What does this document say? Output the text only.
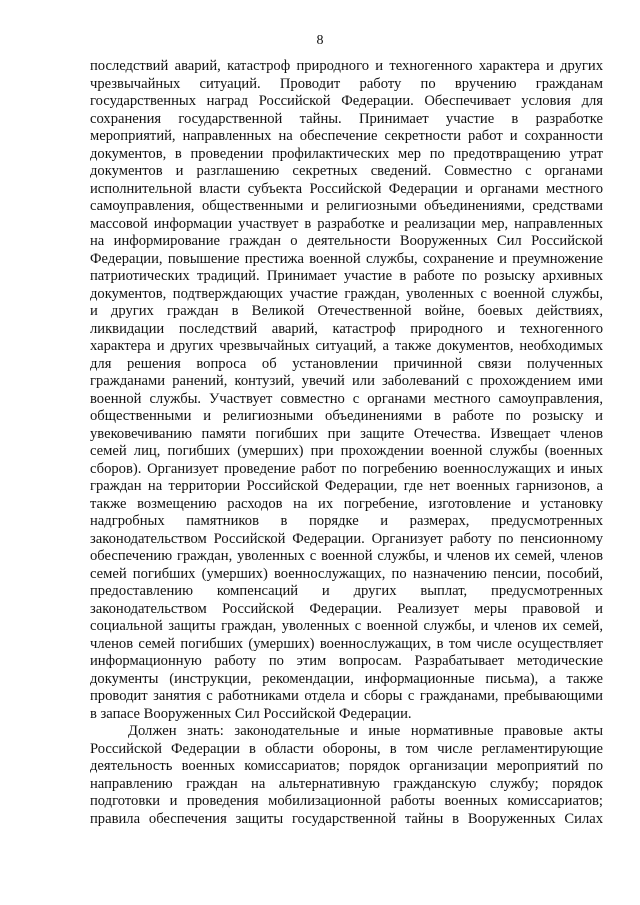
8
последствий аварий, катастроф природного и техногенного характера и других
чрезвычайных ситуаций. Проводит работу по вручению гражданам
государственных наград Российской Федерации. Обеспечивает условия для
сохранения государственной тайны. Принимает участие в разработке
мероприятий, направленных на обеспечение секретности работ и сохранности
документов, в проведении профилактических мер по предотвращению утрат
документов и разглашению секретных сведений. Совместно с органами
исполнительной власти субъекта Российской Федерации и органами местного
самоуправления, общественными и религиозными объединениями, средствами
массовой информации участвует в разработке и реализации мер, направленных
на информирование граждан о деятельности Вооруженных Сил Российской
Федерации, повышение престижа военной службы, сохранение и преумножение
патриотических традиций. Принимает участие в работе по розыску архивных
документов, подтверждающих участие граждан, уволенных с военной службы,
и других граждан в Великой Отечественной войне, боевых действиях,
ликвидации последствий аварий, катастроф природного и техногенного
характера и других чрезвычайных ситуаций, а также документов, необходимых
для решения вопроса об установлении причинной связи полученных
гражданами ранений, контузий, увечий или заболеваний с прохождением ими
военной службы. Участвует совместно с органами местного самоуправления,
общественными и религиозными объединениями в работе по розыску и
увековечиванию памяти погибших при защите Отечества. Извещает членов
семей лиц, погибших (умерших) при прохождении военной службы (военных
сборов). Организует проведение работ по погребению военнослужащих и иных
граждан на территории Российской Федерации, где нет военных гарнизонов, а
также возмещению расходов на их погребение, изготовление и установку
надгробных памятников в порядке и размерах, предусмотренных
законодательством Российской Федерации. Организует работу по пенсионному
обеспечению граждан, уволенных с военной службы, и членов их семей, членов
семей погибших (умерших) военнослужащих, по назначению пенсии, пособий,
предоставлению компенсаций и других выплат, предусмотренных
законодательством Российской Федерации. Реализует меры правовой и
социальной защиты граждан, уволенных с военной службы, и членов их семей,
членов семей погибших (умерших) военнослужащих, в том числе осуществляет
информационную работу по этим вопросам. Разрабатывает методические
документы (инструкции, рекомендации, информационные письма), а также
проводит занятия с работниками отдела и сборы с гражданами, пребывающими
в запасе Вооруженных Сил Российской Федерации.
Должен знать: законодательные и иные нормативные правовые акты
Российской Федерации в области обороны, в том числе регламентирующие
деятельность военных комиссариатов; порядок организации мероприятий по
направлению граждан на альтернативную гражданскую службу; порядок
подготовки и проведения мобилизационной работы военных комиссариатов;
правила обеспечения защиты государственной тайны в Вооруженных Силах
